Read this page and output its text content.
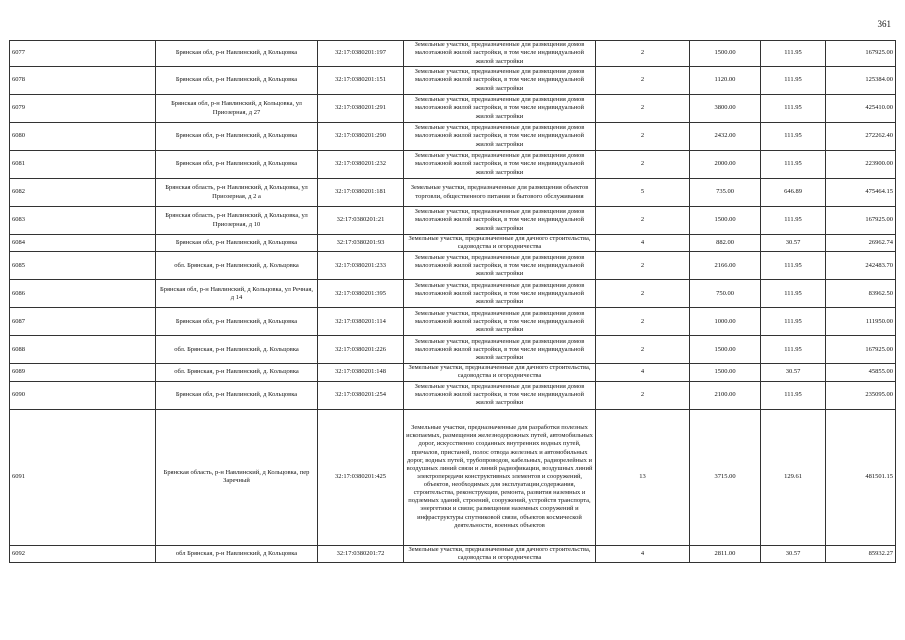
361
6077	Брянская обл, р-н Навлинский, д Кольцовка	32:17:0380201:197	Земельные участки, предназначенные для размещения домов малоэтажной жилой застройки, в том числе индивидуальной жилой застройки	2	1500.00	111.95	167925.00
6078	Брянская обл, р-н Навлинский, д Кольцовка	32:17:0380201:151	Земельные участки, предназначенные для размещения домов малоэтажной жилой застройки, в том числе индивидуальной жилой застройки	2	1120.00	111.95	125384.00
6079	Брянская обл, р-н Навлинский, д Кольцовка, ул Приозерная, д 27	32:17:0380201:291	Земельные участки, предназначенные для размещения домов малоэтажной жилой застройки, в том числе индивидуальной жилой застройки	2	3800.00	111.95	425410.00
6080	Брянская обл, р-н Навлинский, д Кольцовка	32:17:0380201:290	Земельные участки, предназначенные для размещения домов малоэтажной жилой застройки, в том числе индивидуальной жилой застройки	2	2432.00	111.95	272262.40
6081	Брянская обл, р-н Навлинский, д Кольцовка	32:17:0380201:232	Земельные участки, предназначенные для размещения домов малоэтажной жилой застройки, в том числе индивидуальной жилой застройки	2	2000.00	111.95	223900.00
6082	Брянская область, р-н Навлинский, д Кольцовка, ул Приозерная, д 2 а	32:17:0380201:181	Земельные участки, предназначенные для размещения объектов торговли, общественного питания и бытового обслуживания	5	735.00	646.89	475464.15
6083	Брянская область, р-н Навлинский, д Кольцовка, ул Приозерная, д 10	32:17:0380201:21	Земельные участки, предназначенные для размещения домов малоэтажной жилой застройки, в том числе индивидуальной жилой застройки	2	1500.00	111.95	167925.00
6084	Брянская обл, р-н Навлинский, д Кольцовка	32:17:0380201:93	Земельные участки, предназначенные для дачного строительства, садоводства и огородничества	4	882.00	30.57	26962.74
6085	обл. Брянская, р-н Навлинский, д. Кольцовка	32:17:0380201:233	Земельные участки, предназначенные для размещения домов малоэтажной жилой застройки, в том числе индивидуальной жилой застройки	2	2166.00	111.95	242483.70
6086	Брянская обл, р-н Навлинский, д Кольцовка, ул Речная, д 14	32:17:0380201:395	Земельные участки, предназначенные для размещения домов малоэтажной жилой застройки, в том числе индивидуальной жилой застройки	2	750.00	111.95	83962.50
6087	Брянская обл, р-н Навлинский, д Кольцовка	32:17:0380201:114	Земельные участки, предназначенные для размещения домов малоэтажной жилой застройки, в том числе индивидуальной жилой застройки	2	1000.00	111.95	111950.00
6088	обл. Брянская, р-н Навлинский, д. Кольцовка	32:17:0380201:226	Земельные участки, предназначенные для размещения домов малоэтажной жилой застройки, в том числе индивидуальной жилой застройки	2	1500.00	111.95	167925.00
6089	обл. Брянская, р-н Навлинский, д. Кольцовка	32:17:0380201:148	Земельные участки, предназначенные для дачного строительства, садоводства и огородничества	4	1500.00	30.57	45855.00
6090	Брянская обл, р-н Навлинский, д Кольцовка	32:17:0380201:254	Земельные участки, предназначенные для размещения домов малоэтажной жилой застройки, в том числе индивидуальной жилой застройки	2	2100.00	111.95	235095.00
6091	Брянская область, р-н Навлинский, д Кольцовка, пер Заречный	32:17:0380201:425	Земельные участки, предназначенные для разработки полезных ископаемых, размещения железнодорожных путей, автомобильных дорог, искусственно созданных внутренних водных путей, причалов, пристаней, полос отвода железных и автомобильных дорог, водных путей, трубопроводов, кабельных, радиорелейных и воздушных линий связи и линий радиофикации, воздушных линий электропередачи конструктивных элементов и сооружений, объектов, необходимых для эксплуатации,содержания, строительства, реконструкции, ремонта, развития наземных и подземных зданий, строений, сооружений, устройств транспорта, энергетики и связи; размещения наземных сооружений и инфраструктуры спутниковой связи, объектов космической деятельности, военных объектов	13	3715.00	129.61	481501.15
6092	обл Брянская, р-н Навлинский, д Кольцовка	32:17:0380201:72	Земельные участки, предназначенные для дачного строительства, садоводства и огородничества	4	2811.00	30.57	85932.27
